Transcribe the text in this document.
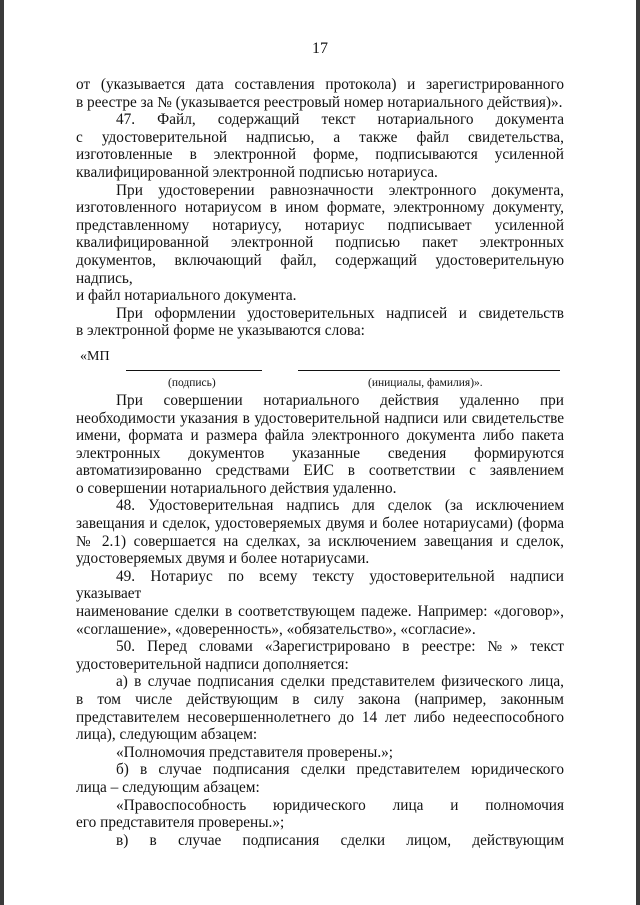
17
от (указывается дата составления протокола) и зарегистрированного
в реестре за № (указывается реестровый номер нотариального действия)».
47. Файл, содержащий текст нотариального документа
с удостоверительной надписью, а также файл свидетельства,
изготовленные в электронной форме, подписываются усиленной
квалифицированной электронной подписью нотариуса.
При удостоверении равнозначности электронного документа,
изготовленного нотариусом в ином формате, электронному документу,
представленному нотариусу, нотариус подписывает усиленной
квалифицированной электронной подписью пакет электронных
документов, включающий файл, содержащий удостоверительную надпись,
и файл нотариального документа.
При оформлении удостоверительных надписей и свидетельств
в электронной форме не указываются слова:
«МП
(подпись)	(инициалы, фамилия)».
При совершении нотариального действия удаленно при
необходимости указания в удостоверительной надписи или свидетельстве
имени, формата и размера файла электронного документа либо пакета
электронных документов указанные сведения формируются
автоматизированно средствами ЕИС в соответствии с заявлением
о совершении нотариального действия удаленно.
48. Удостоверительная надпись для сделок (за исключением
завещания и сделок, удостоверяемых двумя и более нотариусами) (форма
№ 2.1) совершается на сделках, за исключением завещания и сделок,
удостоверяемых двумя и более нотариусами.
49. Нотариус по всему тексту удостоверительной надписи указывает
наименование сделки в соответствующем падеже. Например: «договор»,
«соглашение», «доверенность», «обязательство», «согласие».
50. Перед словами «Зарегистрировано в реестре: №» текст
удостоверительной надписи дополняется:
а) в случае подписания сделки представителем физического лица,
в том числе действующим в силу закона (например, законным
представителем несовершеннолетнего до 14 лет либо недееспособного
лица), следующим абзацем:
«Полномочия представителя проверены.»;
б) в случае подписания сделки представителем юридического
лица – следующим абзацем:
«Правоспособность юридического лица и полномочия
его представителя проверены.»;
в) в случае подписания сделки лицом, действующим
